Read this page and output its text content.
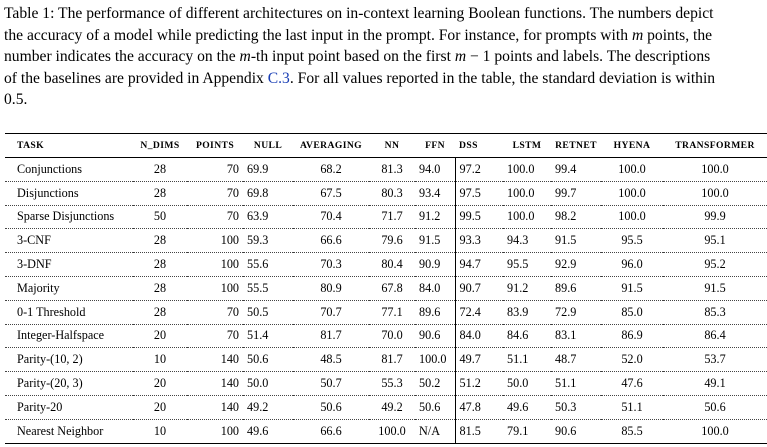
Table 1: The performance of different architectures on in-context learning Boolean functions. The numbers depict the accuracy of a model while predicting the last input in the prompt. For instance, for prompts with m points, the number indicates the accuracy on the m-th input point based on the first m − 1 points and labels. The descriptions of the baselines are provided in Appendix C.3. For all values reported in the table, the standard deviation is within 0.5.
TASK	N_DIMS	POINTS	NULL	AVERAGING	NN	FFN	DSS	LSTM	RETNET	HYENA	TRANSFORMER
Conjunctions	28	70	69.9	68.2	81.3	94.0	97.2	100.0	99.4	100.0	100.0
Disjunctions	28	70	69.8	67.5	80.3	93.4	97.5	100.0	99.7	100.0	100.0
Sparse Disjunctions	50	70	63.9	70.4	71.7	91.2	99.5	100.0	98.2	100.0	99.9
3-CNF	28	100	59.3	66.6	79.6	91.5	93.3	94.3	91.5	95.5	95.1
3-DNF	28	100	55.6	70.3	80.4	90.9	94.7	95.5	92.9	96.0	95.2
Majority	28	100	55.5	80.9	67.8	84.0	90.7	91.2	89.6	91.5	91.5
0-1 Threshold	28	70	50.5	70.7	77.1	89.6	72.4	83.9	72.9	85.0	85.3
Integer-Halfspace	20	70	51.4	81.7	70.0	90.6	84.0	84.6	83.1	86.9	86.4
Parity-(10, 2)	10	140	50.6	48.5	81.7	100.0	49.7	51.1	48.7	52.0	53.7
Parity-(20, 3)	20	140	50.0	50.7	55.3	50.2	51.2	50.0	51.1	47.6	49.1
Parity-20	20	140	49.2	50.6	49.2	50.6	47.8	49.6	50.3	51.1	50.6
Nearest Neighbor	10	100	49.6	66.6	100.0	N/A	81.5	79.1	90.6	85.5	100.0
